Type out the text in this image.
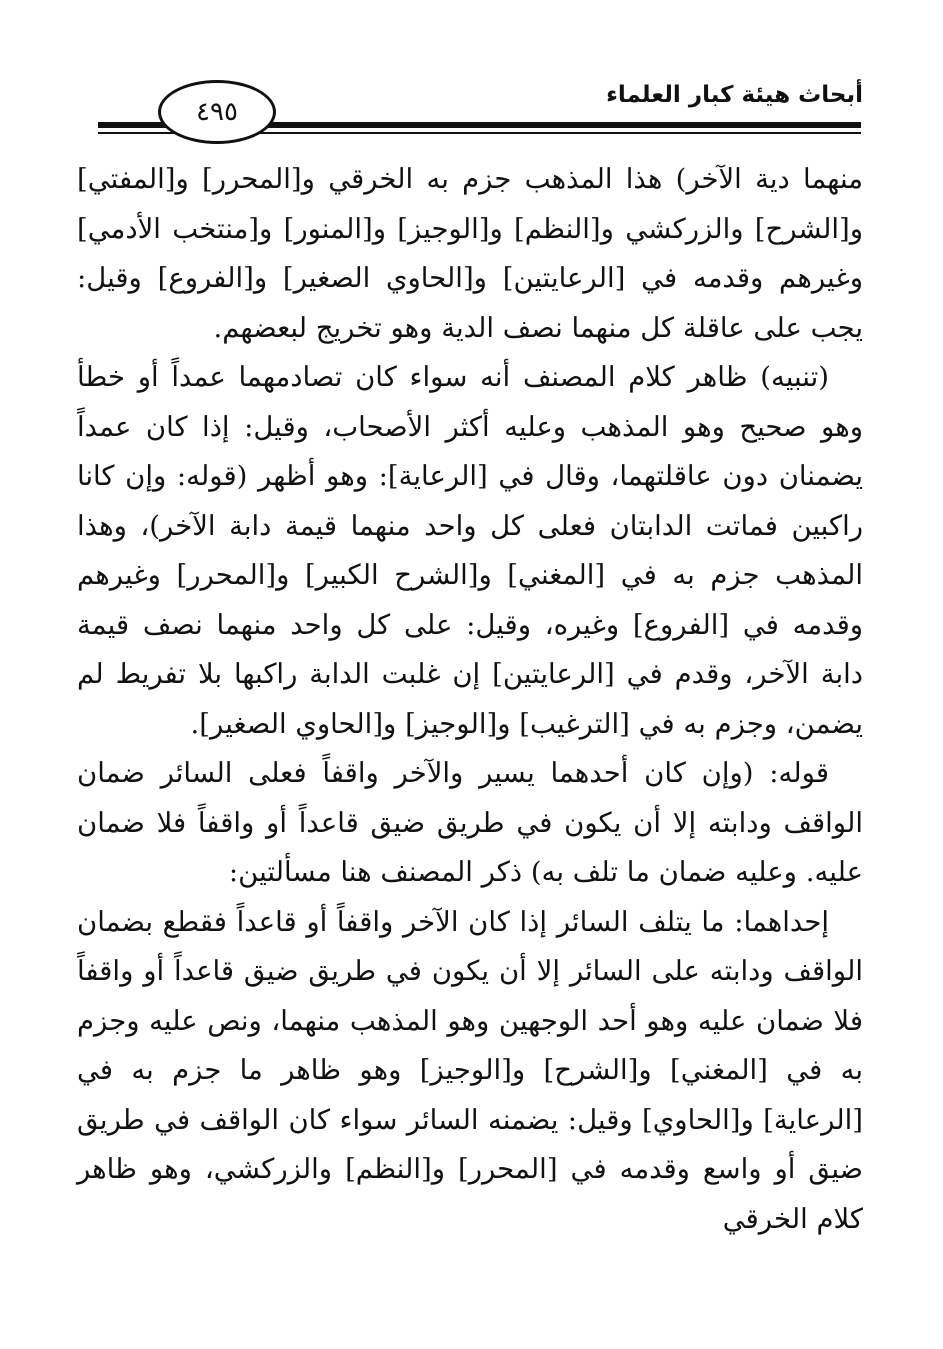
أبحاث هيئة كبار العلماء
٤٩٥

منهما دية الآخر) هذا المذهب جزم به الخرقي و[المحرر] و[المفتي] و[الشرح] والزركشي و[النظم] و[الوجيز] و[المنور] و[منتخب الأدمي] وغيرهم وقدمه في [الرعايتين] و[الحاوي الصغير] و[الفروع] وقيل: يجب على عاقلة كل منهما نصف الدية وهو تخريج لبعضهم.

(تنبيه) ظاهر كلام المصنف أنه سواء كان تصادمهما عمداً أو خطأ وهو صحيح وهو المذهب وعليه أكثر الأصحاب، وقيل: إذا كان عمداً يضمنان دون عاقلتهما، وقال في [الرعاية]: وهو أظهر (قوله: وإن كانا راكبين فماتت الدابتان فعلى كل واحد منهما قيمة دابة الآخر)، وهذا المذهب جزم به في [المغني] و[الشرح الكبير] و[المحرر] وغيرهم وقدمه في [الفروع] وغيره، وقيل: على كل واحد منهما نصف قيمة دابة الآخر، وقدم في [الرعايتين] إن غلبت الدابة راكبها بلا تفريط لم يضمن، وجزم به في [الترغيب] و[الوجيز] و[الحاوي الصغير].

قوله: (وإن كان أحدهما يسير والآخر واقفاً فعلى السائر ضمان الواقف ودابته إلا أن يكون في طريق ضيق قاعداً أو واقفاً فلا ضمان عليه. وعليه ضمان ما تلف به) ذكر المصنف هنا مسألتين:

إحداهما: ما يتلف السائر إذا كان الآخر واقفاً أو قاعداً فقطع بضمان الواقف ودابته على السائر إلا أن يكون في طريق ضيق قاعداً أو واقفاً فلا ضمان عليه وهو أحد الوجهين وهو المذهب منهما، ونص عليه وجزم به في [المغني] و[الشرح] و[الوجيز] وهو ظاهر ما جزم به في [الرعاية] و[الحاوي] وقيل: يضمنه السائر سواء كان الواقف في طريق ضيق أو واسع وقدمه في [المحرر] و[النظم] والزركشي، وهو ظاهر كلام الخرقي
